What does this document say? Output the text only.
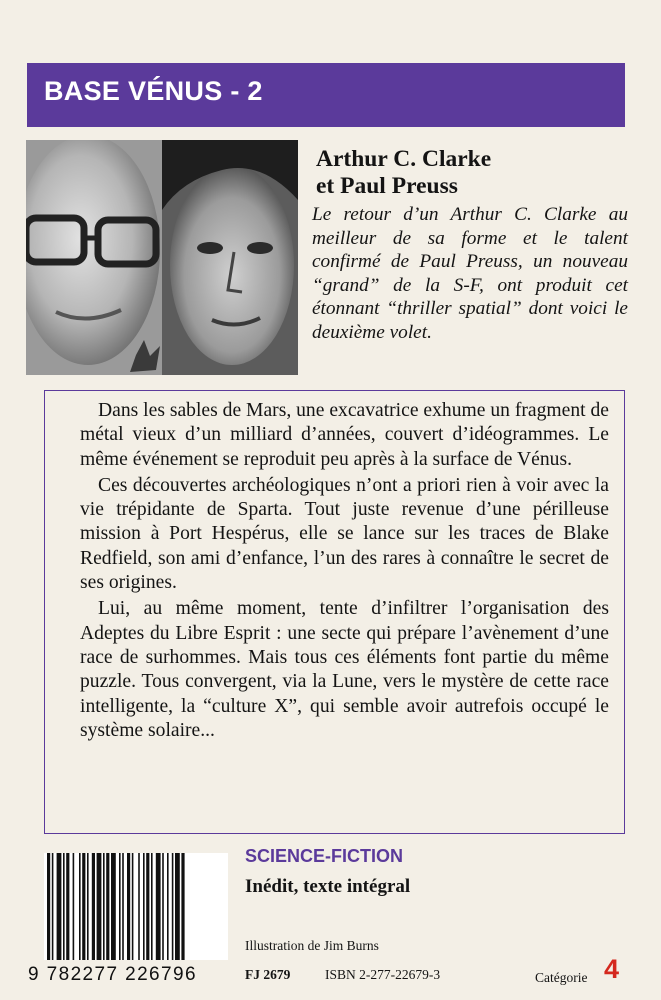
BASE VÉNUS - 2
Arthur C. Clarke
et Paul Preuss

Le retour d’un Arthur C. Clarke au meilleur de sa forme et le talent confirmé de Paul Preuss, un nouveau “grand” de la S-F, ont produit cet étonnant “thriller spatial” dont voici le deuxième volet.

Dans les sables de Mars, une excavatrice exhume un fragment de métal vieux d’un milliard d’années, couvert d’idéogrammes. Le même événement se reproduit peu après à la surface de Vénus.

Ces découvertes archéologiques n’ont a priori rien à voir avec la vie trépidante de Sparta. Tout juste revenue d’une périlleuse mission à Port Hespérus, elle se lance sur les traces de Blake Redfield, son ami d’enfance, l’un des rares à connaître le secret de ses origines.

Lui, au même moment, tente d’infiltrer l’organisation des Adeptes du Libre Esprit : une secte qui prépare l’avènement d’une race de surhommes. Mais tous ces éléments font partie du même puzzle. Tous convergent, via la Lune, vers le mystère de cette race intelligente, la “culture X”, qui semble avoir autrefois occupé le système solaire...

9 782277 226796
SCIENCE-FICTION
Inédit, texte intégral
Illustration de Jim Burns
FJ 2679	ISBN 2-277-22679-3	Catégorie 4
